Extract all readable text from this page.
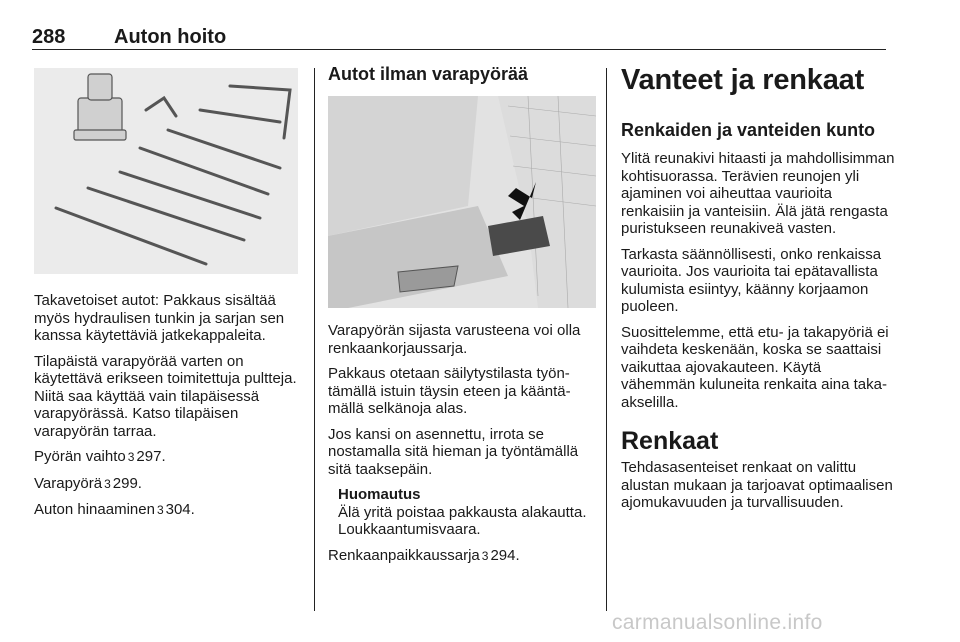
288 Auton hoito

Takavetoiset autot: Pakkaus sisältää myös hydraulisen tunkin ja sarjan sen kanssa käytettäviä jatkekappaleita.

Tilapäistä varapyörää varten on käytettävä erikseen toimitettuja pultteja. Niitä saa käyttää vain tilapäisessä varapyörässä. Katso tilapäisen varapyörän tarraa.

Pyörän vaihto 3 297.

Varapyörä 3 299.

Auton hinaaminen 3 304.

Autot ilman varapyörää

Varapyörän sijasta varusteena voi olla renkaankorjaussarja.

Pakkaus otetaan säilytystilasta työntämällä istuin täysin eteen ja kääntämällä selkänoja alas.

Jos kansi on asennettu, irrota se nostamalla sitä hieman ja työntämällä sitä taaksepäin.

Huomautus
Älä yritä poistaa pakkausta alakautta. Loukkaantumisvaara.

Renkaanpaikkaussarja 3 294.

Vanteet ja renkaat
Renkaiden ja vanteiden kunto

Ylitä reunakivi hitaasti ja mahdollisimman kohtisuorassa. Terävien reunojen yli ajaminen voi aiheuttaa vaurioita renkaisiin ja vanteisiin. Älä jätä rengasta puristukseen reunakiveä vasten.

Tarkasta säännöllisesti, onko renkaissa vaurioita. Jos vaurioita tai epätavallista kulumista esiintyy, käänny korjaamon puoleen.

Suosittelemme, että etu- ja takapyöriä ei vaihdeta keskenään, koska se saattaisi vaikuttaa ajovakauteen. Käytä vähemmän kuluneita renkaita aina taka-akselilla.

Renkaat

Tehdasasenteiset renkaat on valittu alustan mukaan ja tarjoavat optimaalisen ajomukavuuden ja turvallisuuden.

carmanualsonline.info
